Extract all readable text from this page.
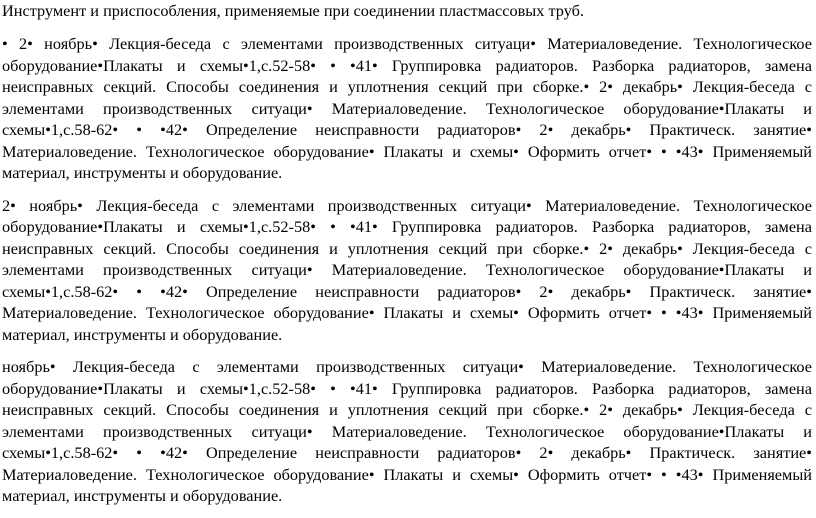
Инструмент и приспособления, применяемые при соединении пластмассовых труб.

• 2• ноябрь• Лекция-беседа с элементами производственных ситуаци• Материаловедение. Технологическое оборудование•Плакаты и схемы•1,с.52-58• • •41• Группировка радиаторов. Разборка радиаторов, замена неисправных секций. Способы соединения и уплотнения секций при сборке.• 2• декабрь• Лекция-беседа с элементами производственных ситуаци• Материаловедение. Технологическое оборудование•Плакаты и схемы•1,с.58-62• • •42• Определение неисправности радиаторов• 2• декабрь• Практическ. занятие• Материаловедение. Технологическое оборудование• Плакаты и схемы• Оформить отчет• • •43• Применяемый материал, инструменты и оборудование.

2• ноябрь• Лекция-беседа с элементами производственных ситуаци• Материаловедение. Технологическое оборудование•Плакаты и схемы•1,с.52-58• • •41• Группировка радиаторов. Разборка радиаторов, замена неисправных секций. Способы соединения и уплотнения секций при сборке.• 2• декабрь• Лекция-беседа с элементами производственных ситуаци• Материаловедение. Технологическое оборудование•Плакаты и схемы•1,с.58-62• • •42• Определение неисправности радиаторов• 2• декабрь• Практическ. занятие• Материаловедение. Технологическое оборудование• Плакаты и схемы• Оформить отчет• • •43• Применяемый материал, инструменты и оборудование.

ноябрь• Лекция-беседа с элементами производственных ситуаци• Материаловедение. Технологическое оборудование•Плакаты и схемы•1,с.52-58• • •41• Группировка радиаторов. Разборка радиаторов, замена неисправных секций. Способы соединения и уплотнения секций при сборке.• 2• декабрь• Лекция-беседа с элементами производственных ситуаци• Материаловедение. Технологическое оборудование•Плакаты и схемы•1,с.58-62• • •42• Определение неисправности радиаторов• 2• декабрь• Практическ. занятие• Материаловедение. Технологическое оборудование• Плакаты и схемы• Оформить отчет• • •43• Применяемый материал, инструменты и оборудование.
